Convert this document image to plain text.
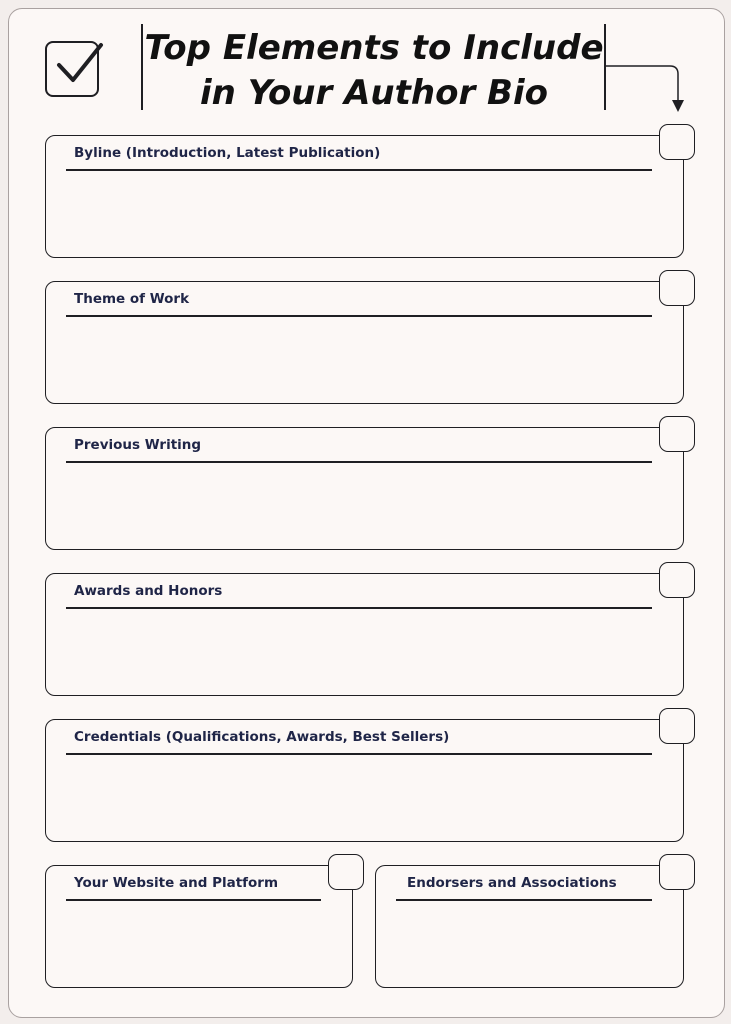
Top Elements to Include
in Your Author Bio
Byline (Introduction, Latest Publication)
Theme of Work
Previous Writing
Awards and Honors
Credentials (Qualifications, Awards, Best Sellers)
Your Website and Platform	Endorsers and Associations
